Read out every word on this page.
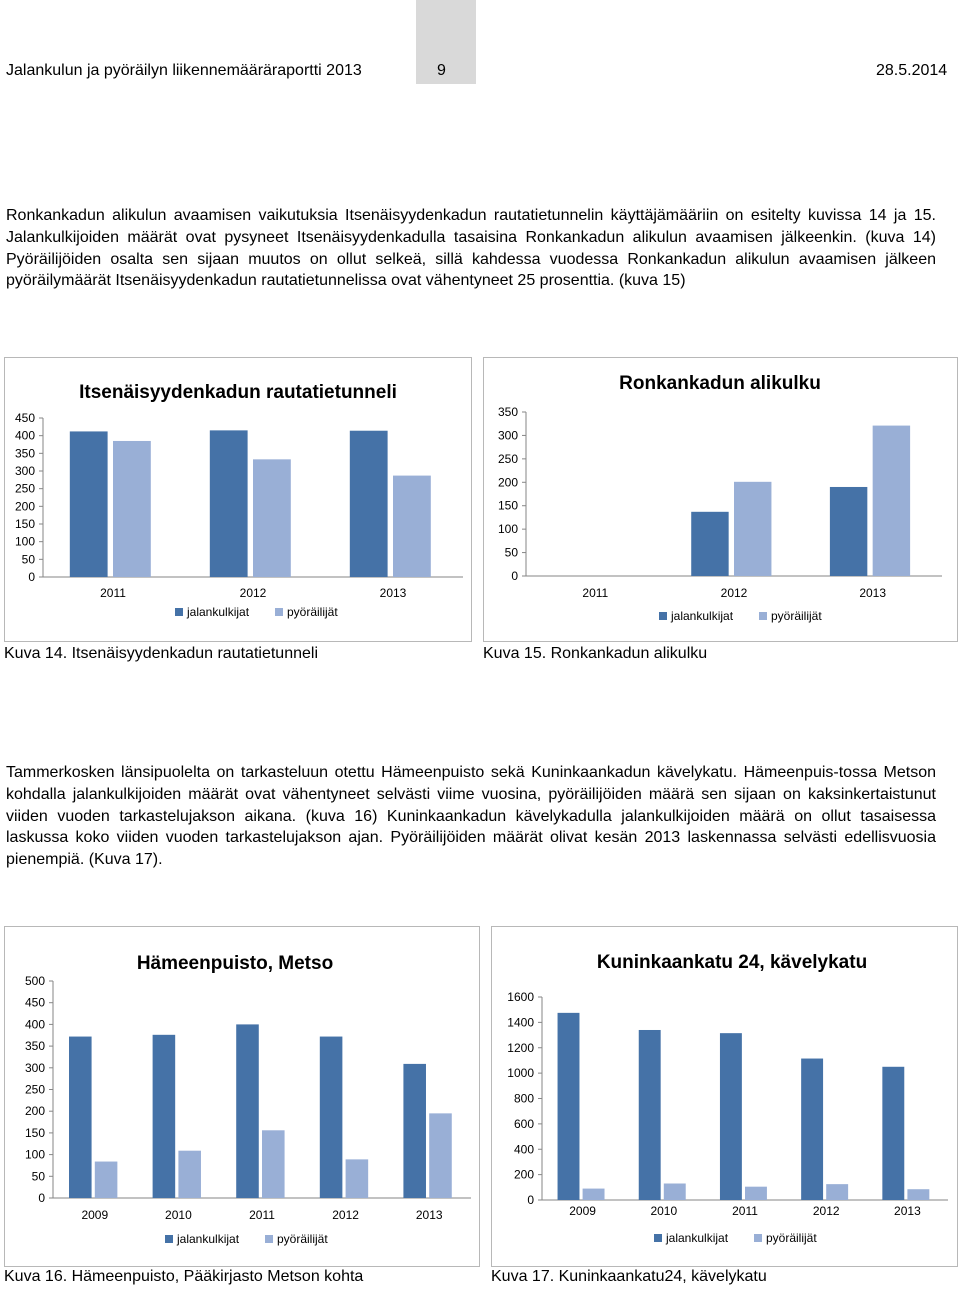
Jalankulun ja pyöräilyn liikennemääräraportti 2013	9	28.5.2014

Ronkankadun alikulun avaamisen vaikutuksia Itsenäisyydenkadun rautatietunnelin käyttäjämääriin on esitelty kuvissa 14 ja 15. Jalankulkijoiden määrät ovat pysyneet Itsenäisyydenkadulla tasaisina Ronkankadun alikulun avaamisen jälkeenkin. (kuva 14) Pyöräilijöiden osalta sen sijaan muutos on ollut selkeä, sillä kahdessa vuodessa Ronkankadun alikulun avaamisen jälkeen pyöräilymäärät Itsenäisyydenkadun rautatietunnelissa ovat vähentyneet 25 prosenttia. (kuva 15)

Itsenäisyydenkadun rautatietunneli
0
50
100
150
200
250
300
350
400
450
2011	2012	2013
jalankulkijat	pyöräilijät
Ronkankadun alikulku
0
50
100
150
200
250
300
350
2011	2012	2013
jalankulkijat	pyöräilijät
Kuva 14. Itsenäisyydenkadun rautatietunneli	Kuva 15. Ronkankadun alikulku

Tammerkosken länsipuolelta on tarkasteluun otettu Hämeenpuisto sekä Kuninkaankadun kävelykatu. Hämeenpuis-tossa Metson kohdalla jalankulkijoiden määrät ovat vähentyneet selvästi viime vuosina, pyöräilijöiden määrä sen sijaan on kaksinkertaistunut viiden vuoden tarkastelujakson aikana. (kuva 16) Kuninkaankadun kävelykadulla jalankulkijoiden määrä on ollut tasaisessa laskussa koko viiden vuoden tarkastelujakson ajan. Pyöräilijöiden määrät olivat kesän 2013 laskennassa selvästi edellisvuosia pienempiä. (Kuva 17).

Hämeenpuisto, Metso
0
50
100
150
200
250
300
350
400
450
500
2009	2010	2011	2012	2013
jalankulkijat	pyöräilijät
Kuninkaankatu 24, kävelykatu
0
200
400
600
800
1000
1200
1400
1600
2009	2010	2011	2012	2013
jalankulkijat	pyöräilijät
Kuva 16. Hämeenpuisto, Pääkirjasto Metson kohta	Kuva 17. Kuninkaankatu24, kävelykatu
